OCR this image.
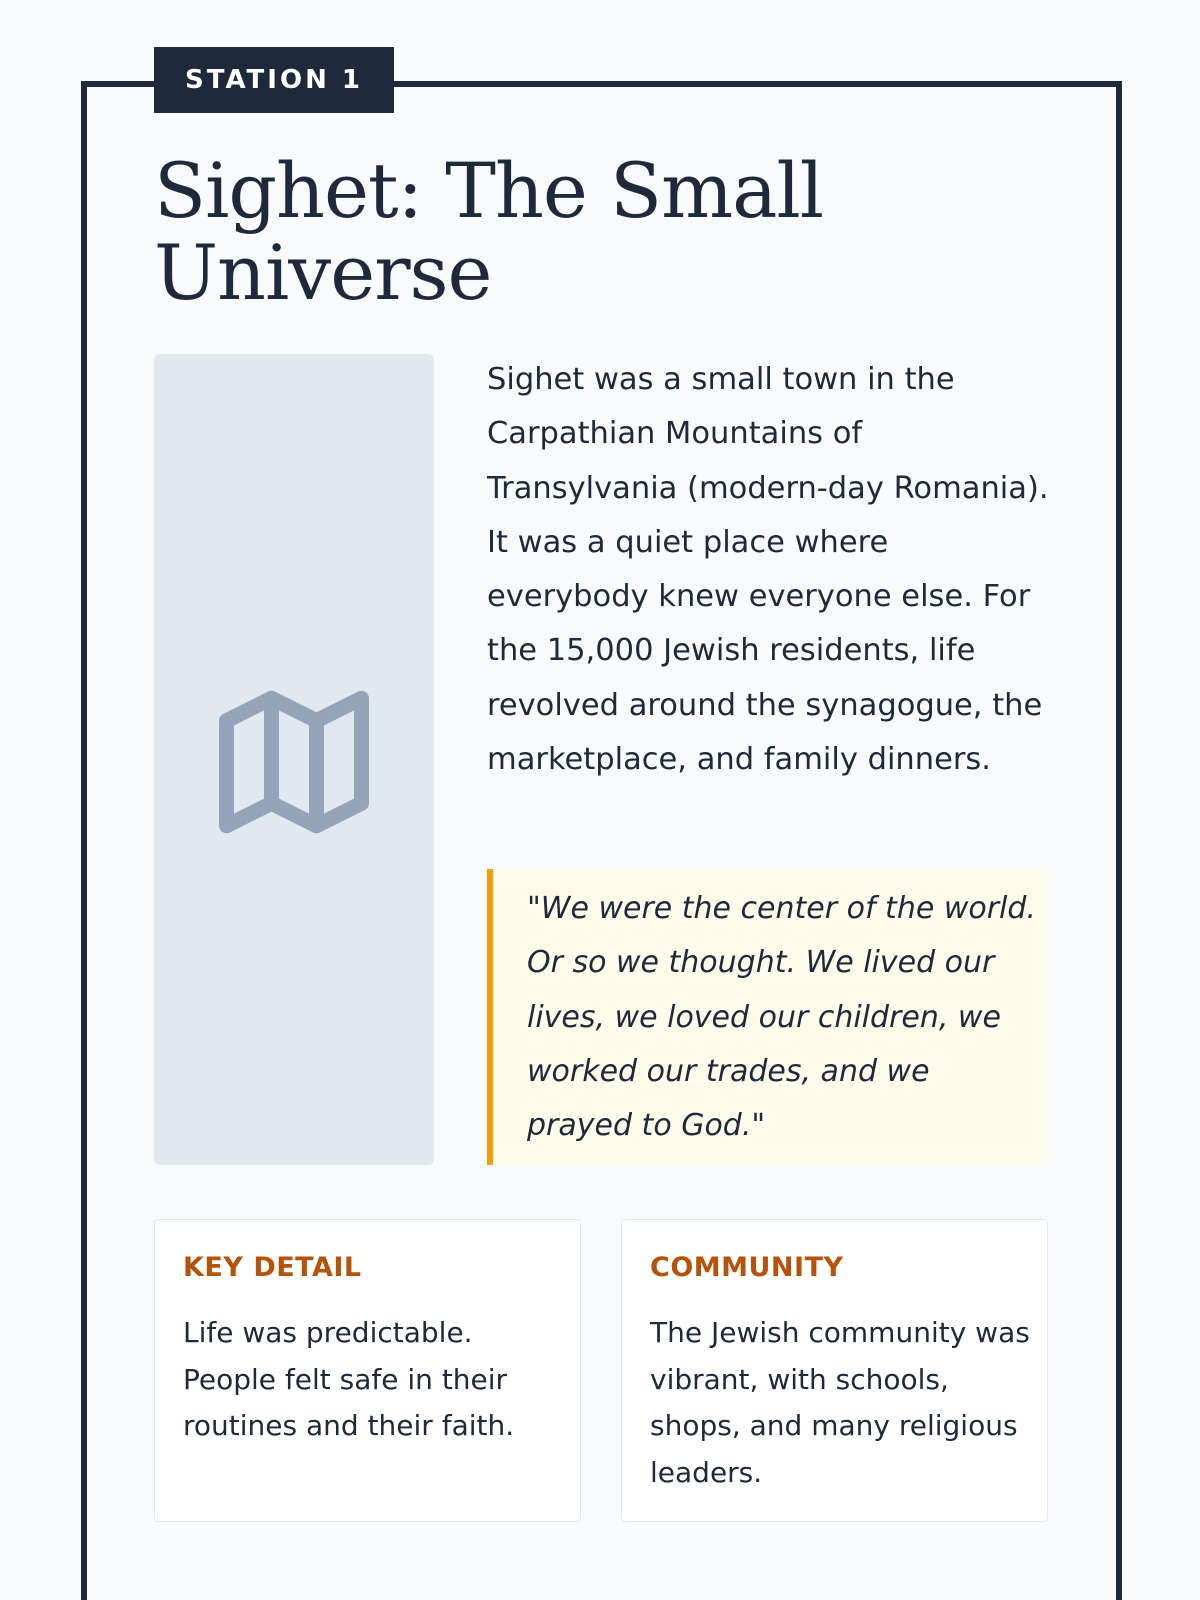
STATION 1
Sighet: The Small Universe

Sighet was a small town in the Carpathian Mountains of Transylvania (modern-day Romania). It was a quiet place where everybody knew everyone else. For the 15,000 Jewish residents, life revolved around the synagogue, the marketplace, and family dinners.

"We were the center of the world.
Or so we thought. We lived our
lives, we loved our children, we
worked our trades, and we
prayed to God."
KEY DETAIL

Life was predictable. People felt safe in their routines and their faith.

COMMUNITY

The Jewish community was vibrant, with schools, shops, and many religious leaders.
